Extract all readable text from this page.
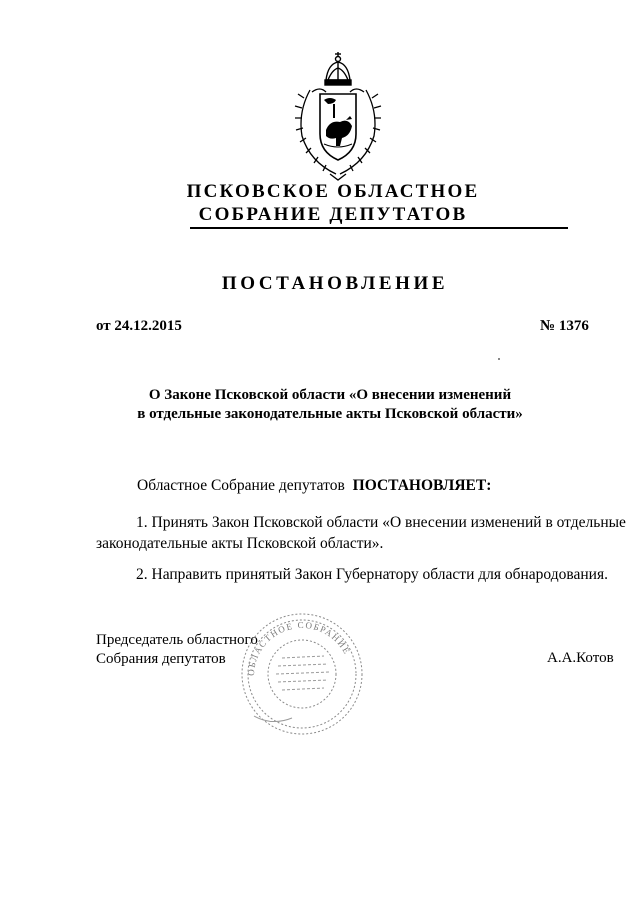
ПСКОВСКОЕ ОБЛАСТНОЕ
СОБРАНИЕ ДЕПУТАТОВ
ПОСТАНОВЛЕНИЕ
от 24.12.2015	№ 1376
О Законе Псковской области «О внесении изменений
в отдельные законодательные акты Псковской области»
Областное Собрание депутатов ПОСТАНОВЛЯЕТ:
1. Принять Закон Псковской области «О внесении изменений в отдельные
законодательные акты Псковской области».
2. Направить принятый Закон Губернатору области для обнародования.
Председатель областного
Собрания депутатов	А.А.Котов
ОБЛАСТНОЕ СОБРАНИЕ
